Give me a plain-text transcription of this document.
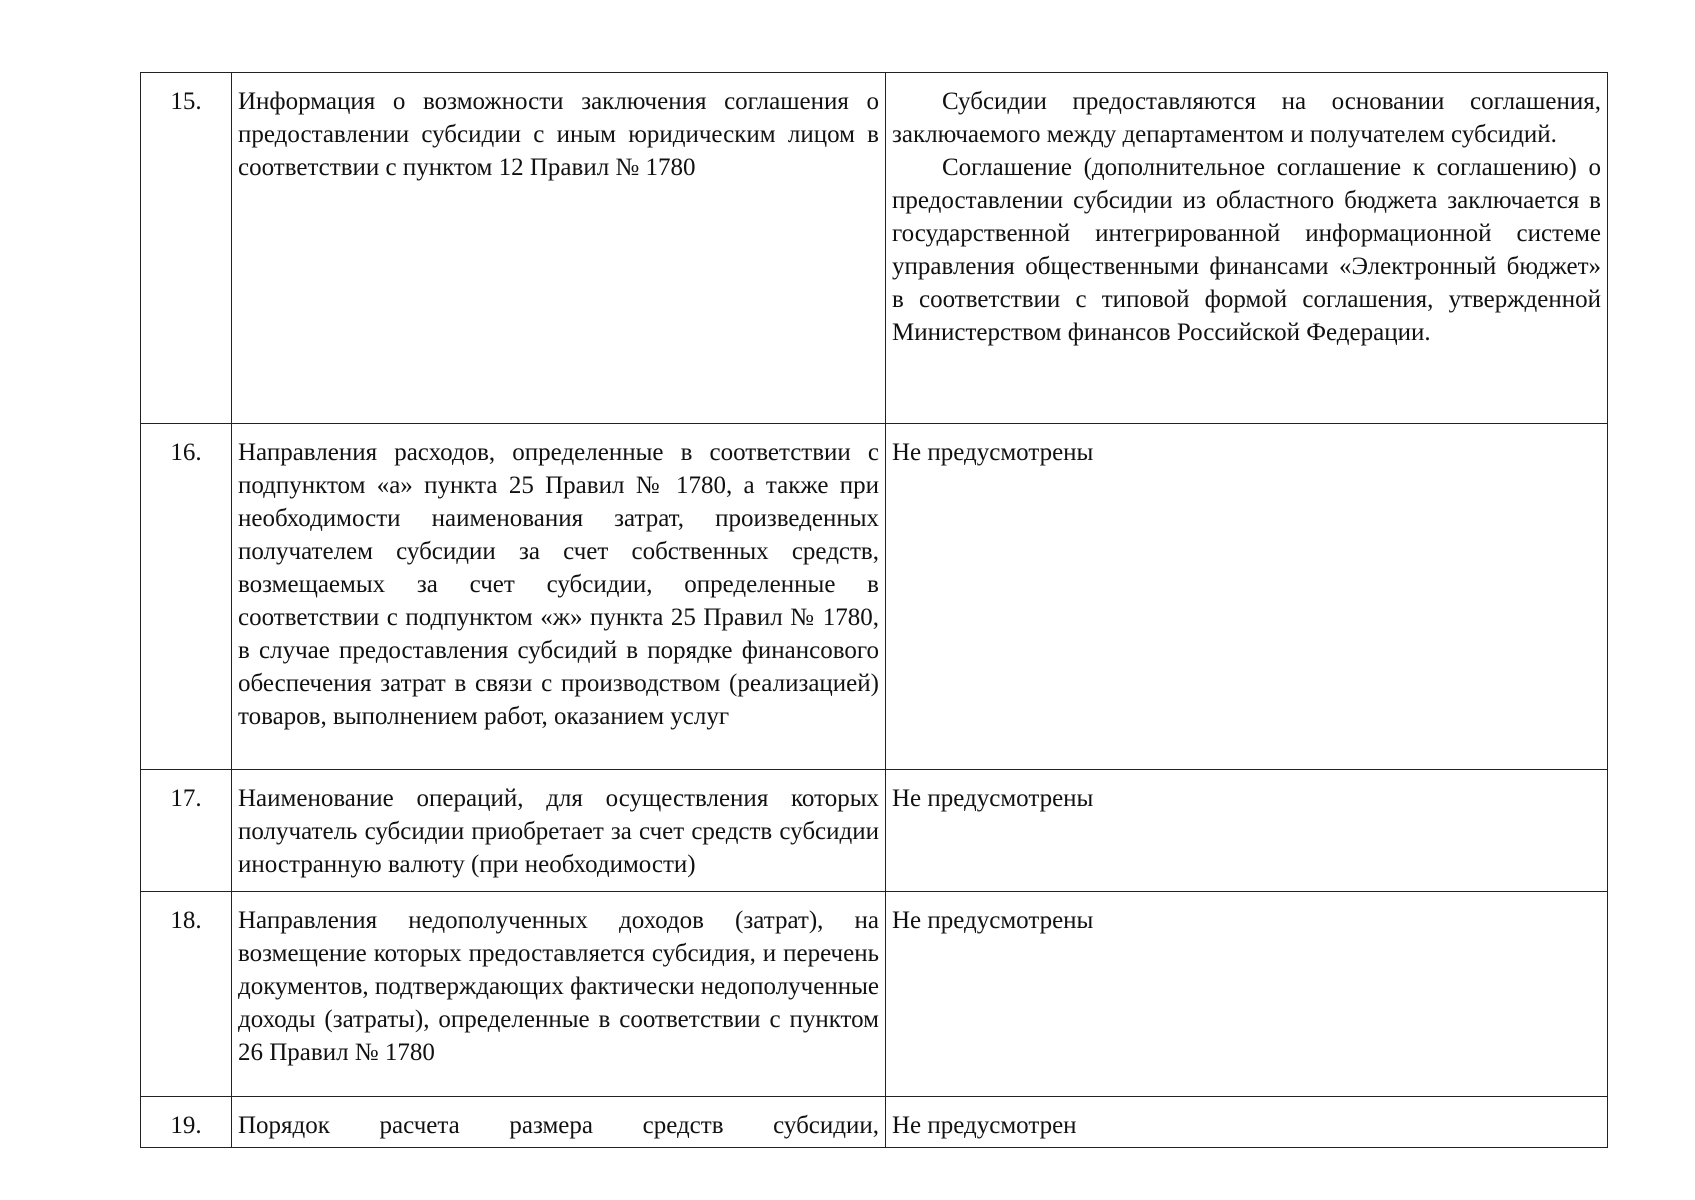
15.	Информация о возможности заключения соглашения о предоставлении субсидии с иным юридическим лицом в соответствии с пунктом 12 Правил № 1780	Субсидии предоставляются на основании соглашения, заключаемого между департаментом и получателем субсидий.
Соглашение (дополнительное соглашение к соглашению) о предоставлении субсидии из областного бюджета заключается в государственной интегрированной информационной системе управления общественными финансами «Электронный бюджет» в соответствии с типовой формой соглашения, утвержденной Министерством финансов Российской Федерации.

16.	Направления расходов, определенные в соответствии с подпунктом «а» пункта 25 Правил № 1780, а также при необходимости наименования затрат, произведенных получателем субсидии за счет собственных средств, возмещаемых за счет субсидии, определенные в соответствии с подпунктом «ж» пункта 25 Правил № 1780, в случае предоставления субсидий в порядке финансового обеспечения затрат в связи с производством (реализацией) товаров, выполнением работ, оказанием услуг	Не предусмотрены
17.	Наименование операций, для осуществления которых получатель субсидии приобретает за счет средств субсидии иностранную валюту (при необходимости)	Не предусмотрены
18.	Направления недополученных доходов (затрат), на возмещение которых предоставляется субсидия, и перечень документов, подтверждающих фактически недополученные доходы (затраты), определенные в соответствии с пунктом 26 Правил № 1780	Не предусмотрены
19.	Порядок расчета размера средств субсидии,	Не предусмотрен
